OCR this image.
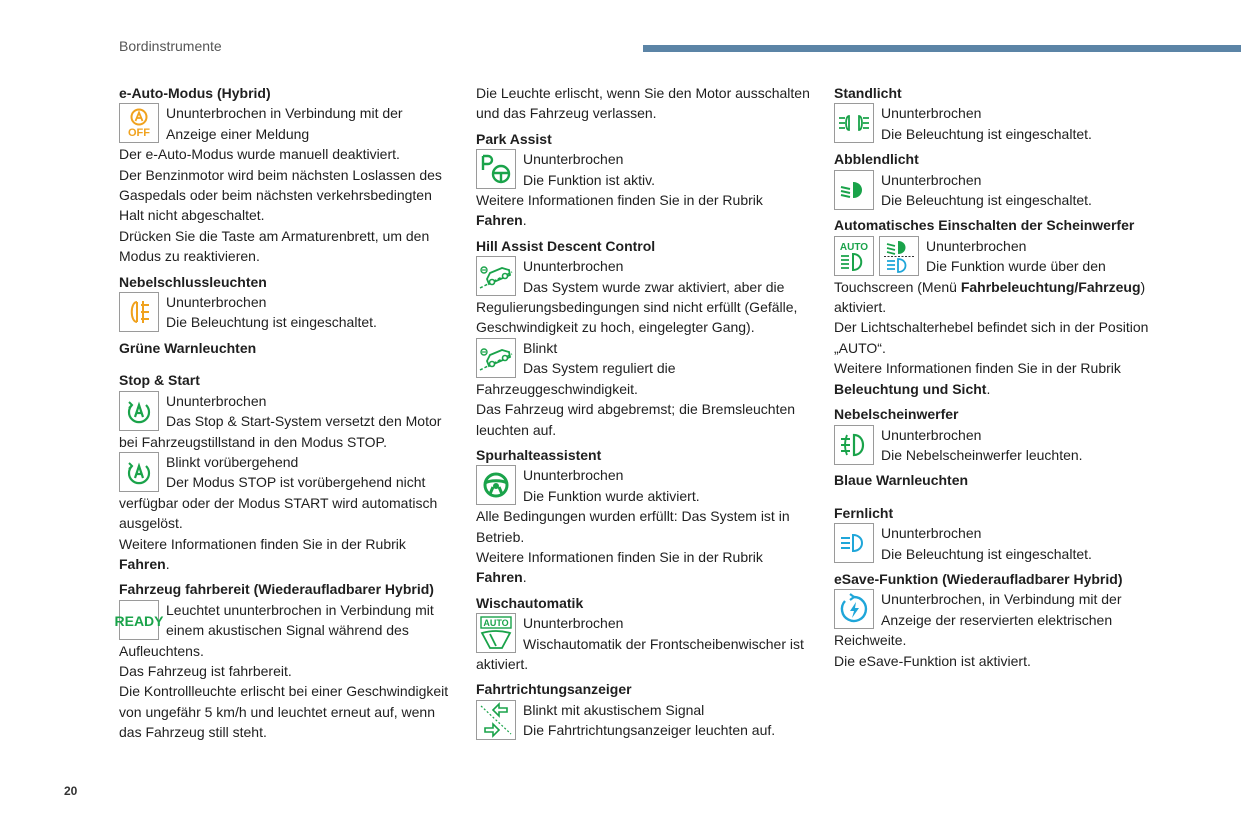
Bordinstrumente
e-Auto-Modus (Hybrid)
OFF

Ununterbrochen in Verbindung mit der Anzeige einer Meldung

Der e-Auto-Modus wurde manuell deaktiviert.

Der Benzinmotor wird beim nächsten Loslassen des Gaspedals oder beim nächsten verkehrsbedingten Halt nicht abgeschaltet.

Drücken Sie die Taste am Armaturenbrett, um den Modus zu reaktivieren.

Nebelschlussleuchten

Ununterbrochen

Die Beleuchtung ist eingeschaltet.

Grüne Warnleuchten
Stop & Start

Ununterbrochen

Das Stop & Start-System versetzt den Motor bei Fahrzeugstillstand in den Modus STOP.

Blinkt vorübergehend

Der Modus STOP ist vorübergehend nicht verfügbar oder der Modus START wird automatisch ausgelöst.

Weitere Informationen finden Sie in der Rubrik

Fahren.

Fahrzeug fahrbereit (Wiederaufladbarer Hybrid)
READY

Leuchtet ununterbrochen in Verbindung mit einem akustischen Signal während des Aufleuchtens.

Das Fahrzeug ist fahrbereit.

Die Kontrollleuchte erlischt bei einer Geschwindigkeit von ungefähr 5 km/h und leuchtet erneut auf, wenn das Fahrzeug still steht.

Die Leuchte erlischt, wenn Sie den Motor ausschalten und das Fahrzeug verlassen.

Park Assist

Ununterbrochen

Die Funktion ist aktiv.

Weitere Informationen finden Sie in der Rubrik

Fahren.

Hill Assist Descent Control

Ununterbrochen

Das System wurde zwar aktiviert, aber die Regulierungsbedingungen sind nicht erfüllt (Gefälle, Geschwindigkeit zu hoch, eingelegter Gang).

Blinkt

Das System reguliert die Fahrzeuggeschwindigkeit.

Das Fahrzeug wird abgebremst; die Bremsleuchten leuchten auf.

Spurhalteassistent

Ununterbrochen

Die Funktion wurde aktiviert.

Alle Bedingungen wurden erfüllt: Das System ist in Betrieb.

Weitere Informationen finden Sie in der Rubrik

Fahren.

Wischautomatik
AUTO	Ununterbrochen

Wischautomatik der Frontscheibenwischer ist aktiviert.

Fahrtrichtungsanzeiger

Blinkt mit akustischem Signal

Die Fahrtrichtungsanzeiger leuchten auf.

Standlicht

Ununterbrochen

Die Beleuchtung ist eingeschaltet.

Abblendlicht

Ununterbrochen

Die Beleuchtung ist eingeschaltet.

Automatisches Einschalten der Scheinwerfer
AUTO	Ununterbrochen

Die Funktion wurde über den Touchscreen (Menü Fahrbeleuchtung/Fahrzeug) aktiviert.

Der Lichtschalterhebel befindet sich in der Position „AUTO“.

Weitere Informationen finden Sie in der Rubrik

Beleuchtung und Sicht.

Nebelscheinwerfer

Ununterbrochen

Die Nebelscheinwerfer leuchten.

Blaue Warnleuchten
Fernlicht

Ununterbrochen

Die Beleuchtung ist eingeschaltet.

eSave-Funktion (Wiederaufladbarer Hybrid)

Ununterbrochen, in Verbindung mit der Anzeige der reservierten elektrischen Reichweite.

Die eSave-Funktion ist aktiviert.

20
